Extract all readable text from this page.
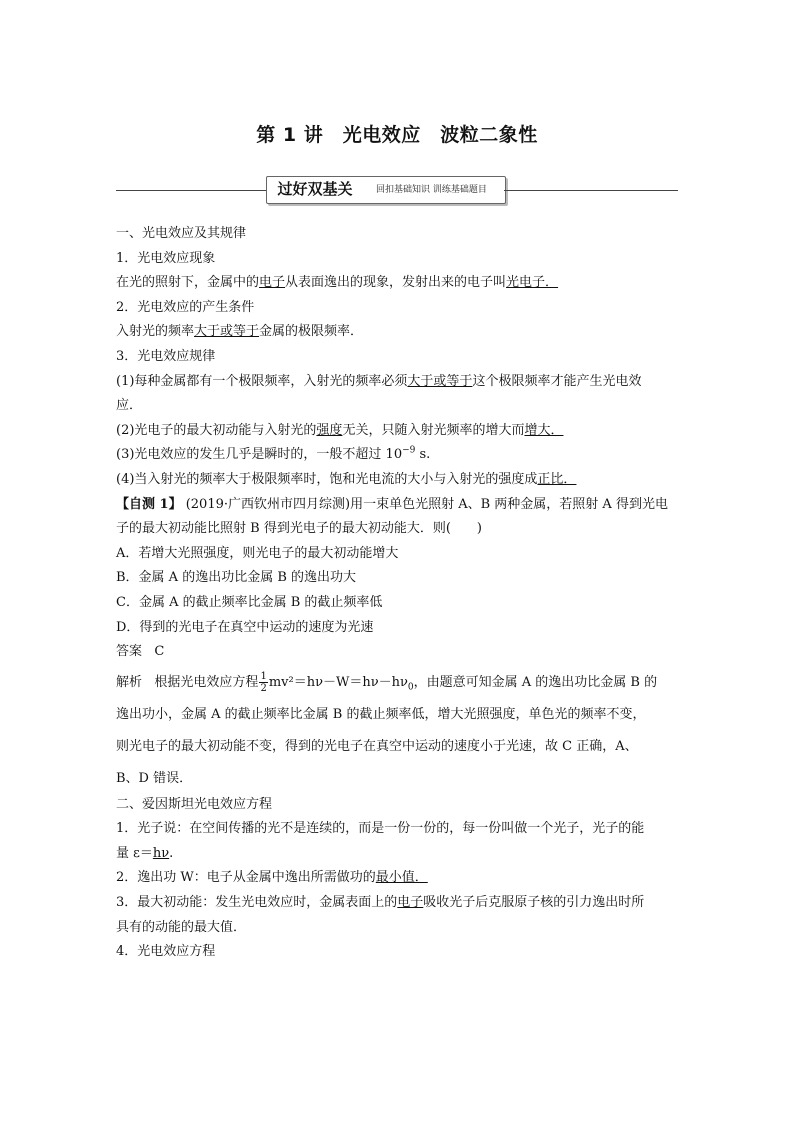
第 1 讲　光电效应　波粒二象性
过好双基关	回扣基础知识 训练基础题目
一、光电效应及其规律
1．光电效应现象
在光的照射下，金属中的电子从表面逸出的现象，发射出来的电子叫光电子．
2．光电效应的产生条件
入射光的频率大于或等于金属的极限频率．
3．光电效应规律
(1)每种金属都有一个极限频率，入射光的频率必须大于或等于这个极限频率才能产生光电效
应．
(2)光电子的最大初动能与入射光的强度无关，只随入射光频率的增大而增大．
(3)光电效应的发生几乎是瞬时的，一般不超过 $10^{-9}$ s.
(4)当入射光的频率大于极限频率时，饱和光电流的大小与入射光的强度成正比．
【自测 1】 (2019·广西钦州市四月综测)用一束单色光照射 A、B 两种金属，若照射 A 得到光电
子的最大初动能比照射 B 得到光电子的最大初动能大．则(　　)
A．若增大光照强度，则光电子的最大初动能增大
B．金属 A 的逸出功比金属 B 的逸出功大
C．金属 A 的截止频率比金属 B 的截止频率低
D．得到的光电子在真空中运动的速度为光速
答案 C
解析 根据光电效应方程 $\frac{1}{2} mv^2=h\nu-W=h\nu-h\nu_0$，由题意可知金属 A 的逸出功比金属 B 的
逸出功小，金属 A 的截止频率比金属 B 的截止频率低，增大光照强度，单色光的频率不变，
则光电子的最大初动能不变，得到的光电子在真空中运动的速度小于光速，故 C 正确，A、
B、D 错误．
二、爱因斯坦光电效应方程
1．光子说：在空间传播的光不是连续的，而是一份一份的，每一份叫做一个光子，光子的能
量 ε＝hν.
2．逸出功 W：电子从金属中逸出所需做功的最小值．
3．最大初动能：发生光电效应时，金属表面上的电子吸收光子后克服原子核的引力逸出时所
具有的动能的最大值．
4．光电效应方程
